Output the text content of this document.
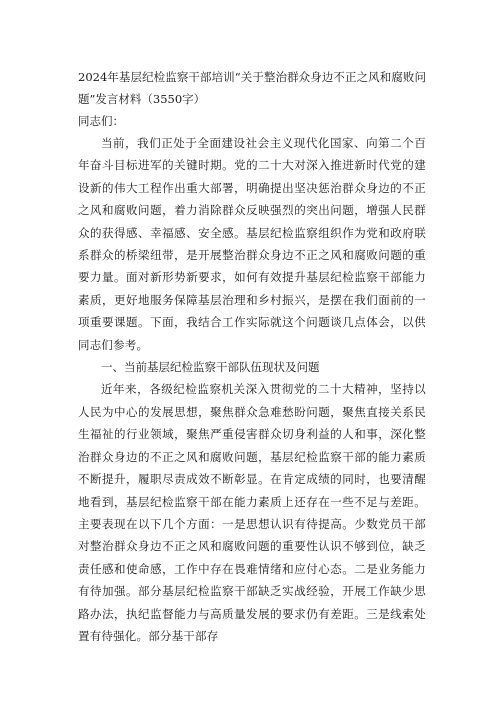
2024年基层纪检监察干部培训“关于整治群众身边不正之风和腐败问题”发言材料（3550字）

同志们：

当前，我们正处于全面建设社会主义现代化国家、向第二个百年奋斗目标进军的关键时期。党的二十大对深入推进新时代党的建设新的伟大工程作出重大部署，明确提出坚决惩治群众身边的不正之风和腐败问题，着力消除群众反映强烈的突出问题，增强人民群众的获得感、幸福感、安全感。基层纪检监察组织作为党和政府联系群众的桥梁纽带，是开展整治群众身边不正之风和腐败问题的重要力量。面对新形势新要求，如何有效提升基层纪检监察干部能力素质，更好地服务保障基层治理和乡村振兴，是摆在我们面前的一项重要课题。下面，我结合工作实际就这个问题谈几点体会，以供同志们参考。

一、当前基层纪检监察干部队伍现状及问题

近年来，各级纪检监察机关深入贯彻党的二十大精神，坚持以人民为中心的发展思想，聚焦群众急难愁盼问题，聚焦直接关系民生福祉的行业领域，聚焦严重侵害群众切身利益的人和事，深化整治群众身边的不正之风和腐败问题，基层纪检监察干部的能力素质不断提升，履职尽责成效不断彰显。在肯定成绩的同时，也要清醒地看到，基层纪检监察干部在能力素质上还存在一些不足与差距。主要表现在以下几个方面：一是思想认识有待提高。少数党员干部对整治群众身边不正之风和腐败问题的重要性认识不够到位，缺乏责任感和使命感，工作中存在畏难情绪和应付心态。二是业务能力有待加强。部分基层纪检监察干部缺乏实战经验，开展工作缺少思路办法，执纪监督能力与高质量发展的要求仍有差距。三是线索处置有待强化。部分基干部存
